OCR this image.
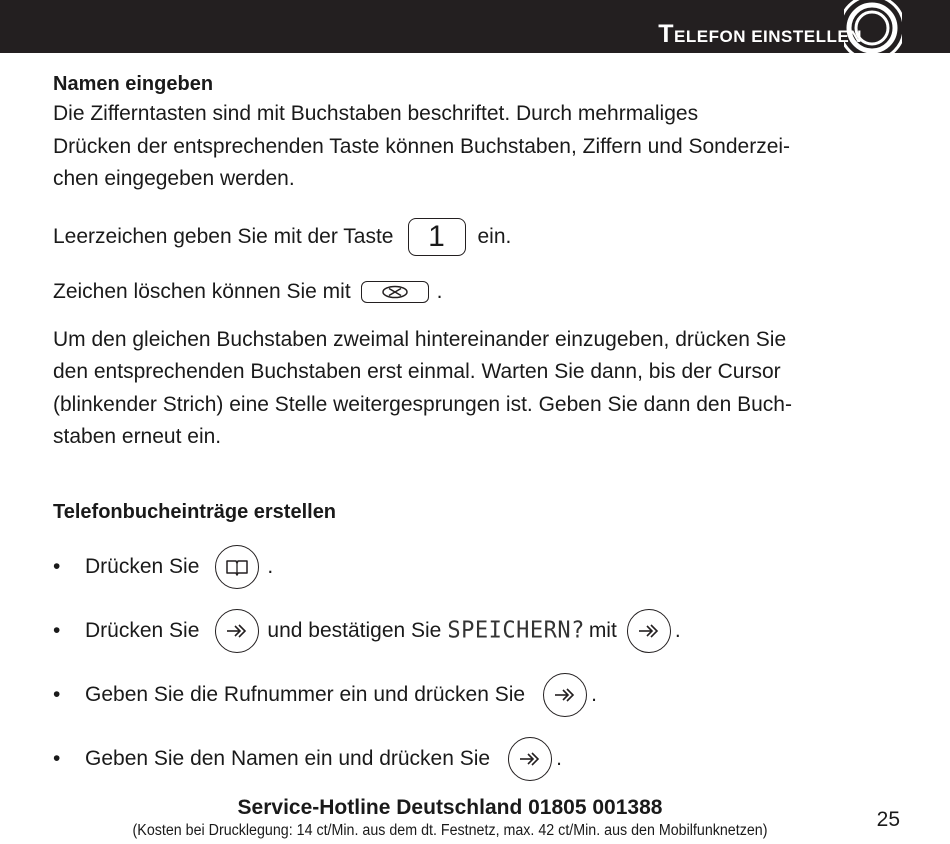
TELEFON EINSTELLEN

Namen eingeben

Die Zifferntasten sind mit Buchstaben beschriftet. Durch mehrmaliges

Drücken der entsprechenden Taste können Buchstaben, Ziffern und Sonderzei-

chen eingegeben werden.

Leerzeichen geben Sie mit der Taste	1	ein.
Zeichen löschen können Sie mit	.

Um den gleichen Buchstaben zweimal hintereinander einzugeben, drücken Sie

den entsprechenden Buchstaben erst einmal. Warten Sie dann, bis der Cursor

(blinkender Strich) eine Stelle weitergesprungen ist. Geben Sie dann den Buch-

staben erneut ein.

Telefonbucheinträge erstellen

•	Drücken Sie	.
•	Drücken Sie	und bestätigen Sie SPEICHERN? mit	.
•	Geben Sie die Rufnummer ein und drücken Sie	.
•	Geben Sie den Namen ein und drücken Sie	.
Service-Hotline Deutschland 01805 001388
(Kosten bei Drucklegung: 14 ct/Min. aus dem dt. Festnetz, max. 42 ct/Min. aus den Mobilfunknetzen)	25
